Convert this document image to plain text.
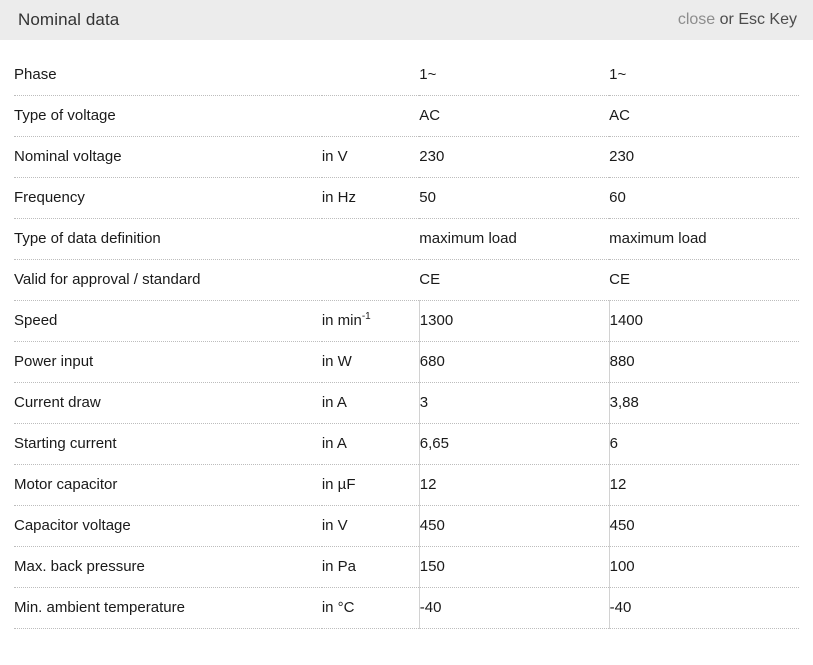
Nominal data	close or Esc Key
Phase		1~	1~
Type of voltage		AC	AC
Nominal voltage	in V	230	230
Frequency	in Hz	50	60
Type of data definition		maximum load	maximum load
Valid for approval / standard		CE	CE
Speed	in $\min^{-1}$	1300	1400
Power input	in W	680	880
Current draw	in A	3	3,88
Starting current	in A	6,65	6
Motor capacitor	in µF	12	12
Capacitor voltage	in V	450	450
Max. back pressure	in Pa	150	100
Min. ambient temperature	in °C	-40	-40
